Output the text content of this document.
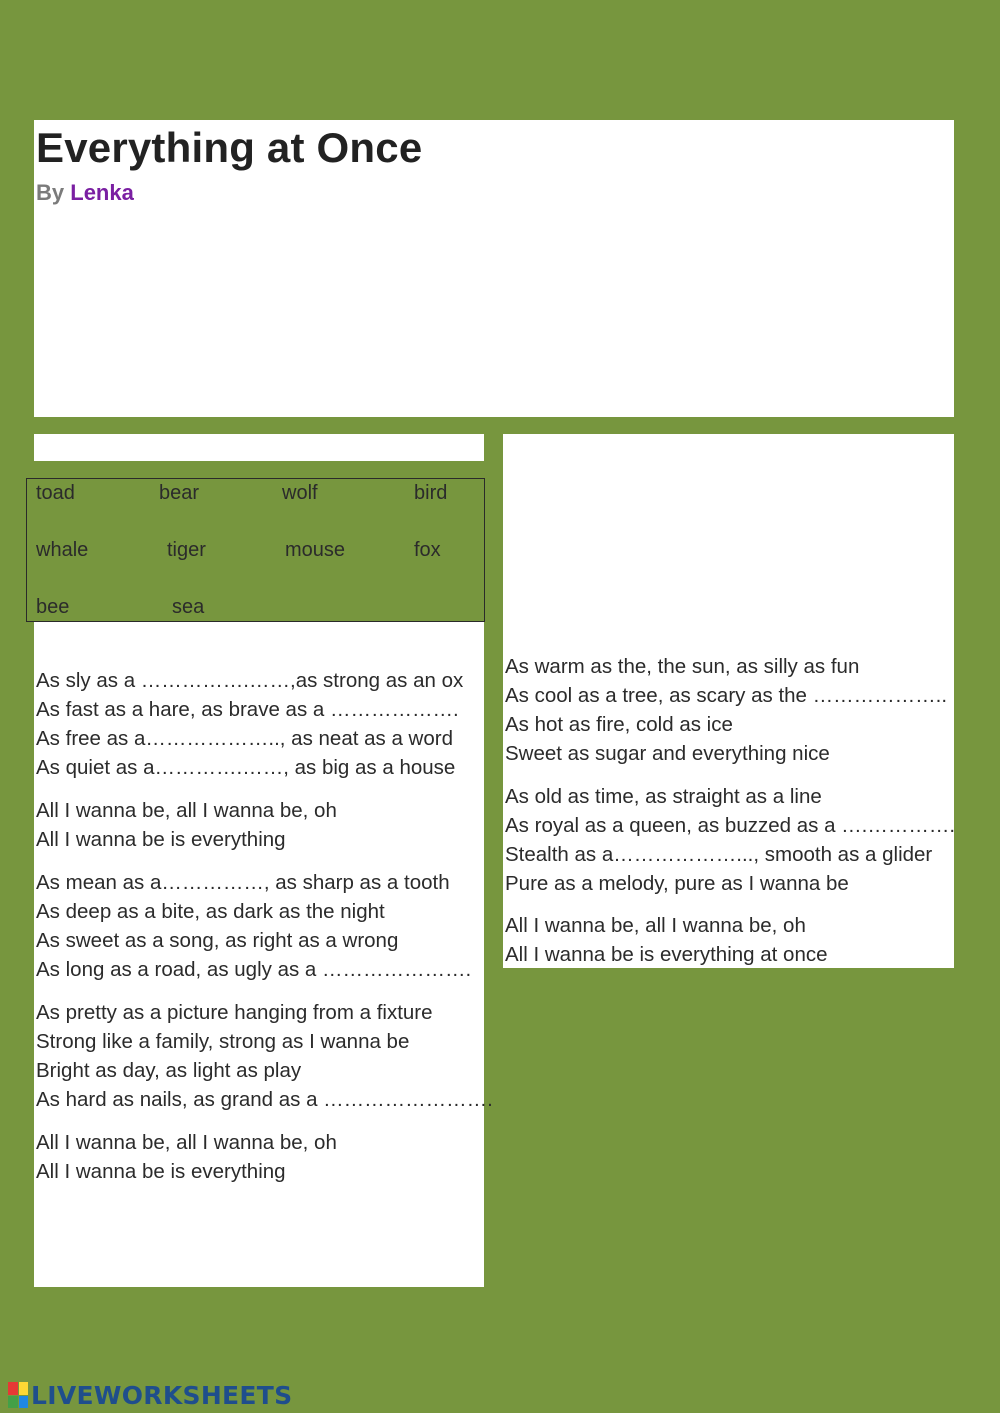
Everything at Once
By Lenka
toad	bear	wolf	bird
whale	tiger	mouse	fox
bee	sea
As sly as a …………….……,as strong as an ox
As fast as a hare, as brave as a ……………….
As free as a……………….., as neat as a word
As quiet as a………….……, as big as a house
All I wanna be, all I wanna be, oh
All I wanna be is everything
As mean as a……………, as sharp as a tooth
As deep as a bite, as dark as the night
As sweet as a song, as right as a wrong
As long as a road, as ugly as a ………………….
As pretty as a picture hanging from a fixture
Strong like a family, strong as I wanna be
Bright as day, as light as play
As hard as nails, as grand as a …………………….
All I wanna be, all I wanna be, oh
All I wanna be is everything
As warm as the, the sun, as silly as fun
As cool as a tree, as scary as the ………………..
As hot as fire, cold as ice
Sweet as sugar and everything nice
As old as time, as straight as a line
As royal as a queen, as buzzed as a ….………….
Stealth as a………………..., smooth as a glider
Pure as a melody, pure as I wanna be
All I wanna be, all I wanna be, oh
All I wanna be is everything at once
LIVEWORKSHEETS
